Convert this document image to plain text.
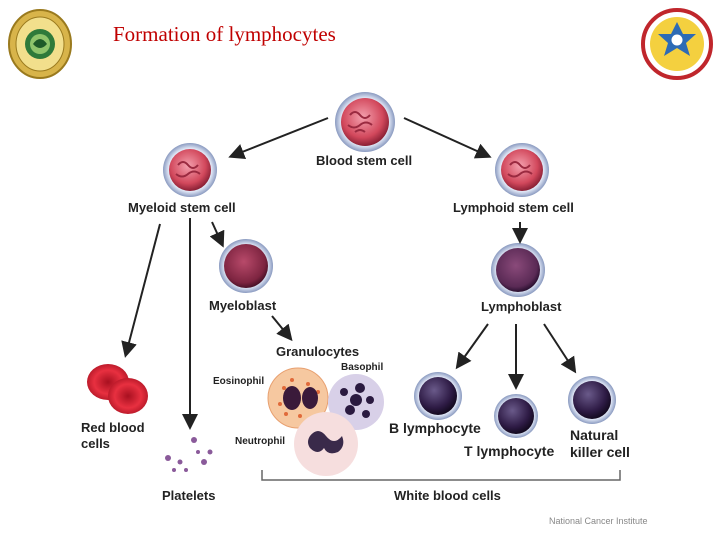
Formation of lymphocytes
Blood stem cell
Myeloid stem cell	Lymphoid stem cell
Myeloblast	Lymphoblast
Granulocytes
Eosinophil
Basophil
Neutrophil
Red blood
cells
Platelets
B lymphocyte
T lymphocyte
Natural
killer cell
White blood cells
National Cancer Institute
